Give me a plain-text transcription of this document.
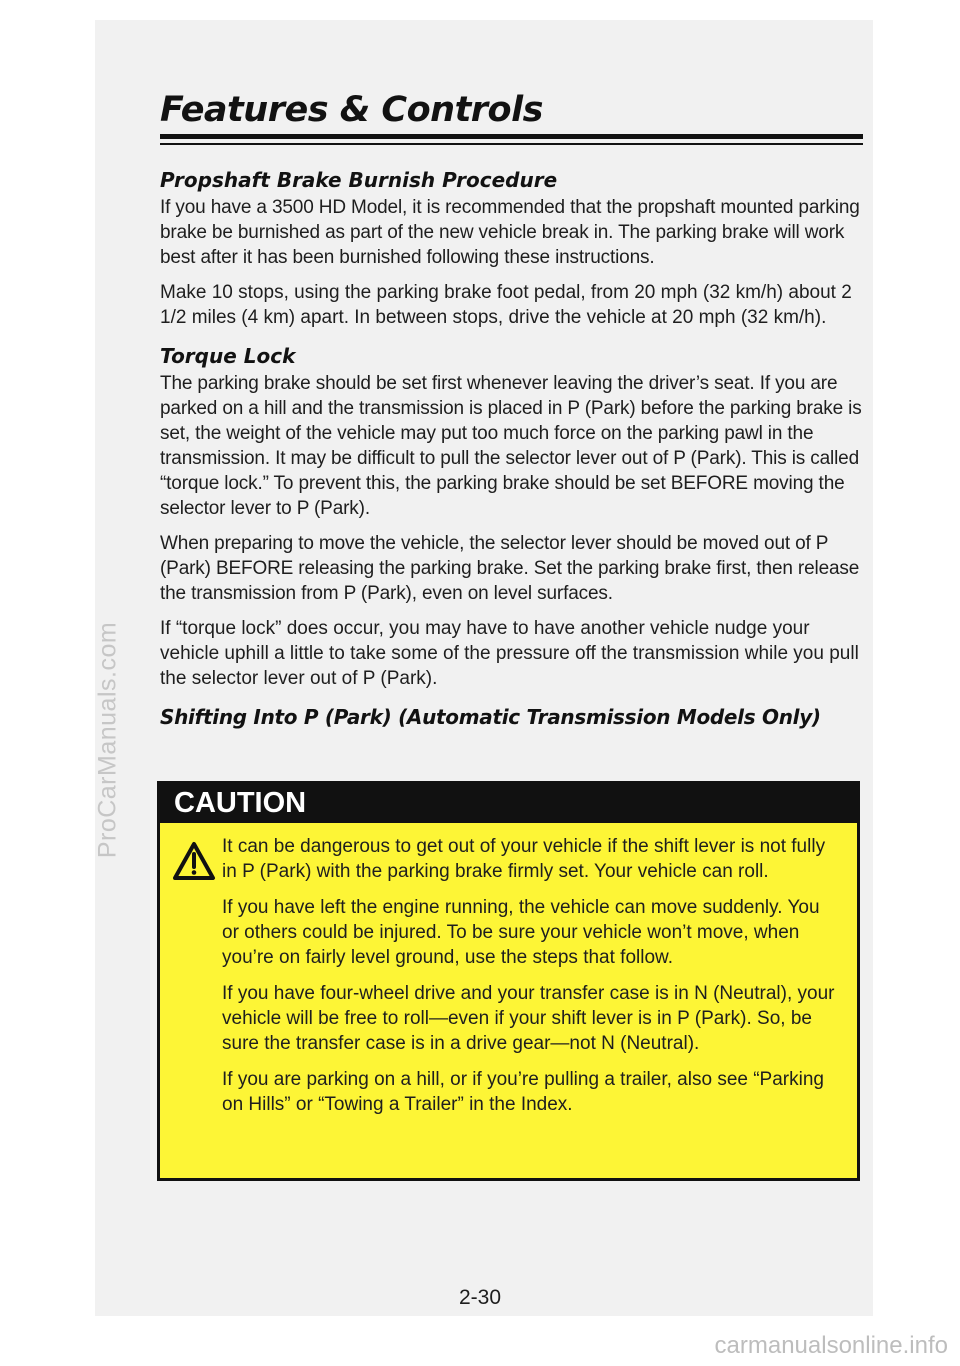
ProCarManuals.com
Features & Controls
Propshaft Brake Burnish Procedure

If you have a 3500 HD Model, it is recommended that the propshaft mounted parking brake be burnished as part of the new vehicle break in. The parking brake will work best after it has been burnished following these instructions.

Make 10 stops, using the parking brake foot pedal, from 20 mph (32 km/h) about 2 1/2 miles (4 km) apart. In between stops, drive the vehicle at 20 mph (32 km/h).

Torque Lock

The parking brake should be set first whenever leaving the driver’s seat. If you are parked on a hill and the transmission is placed in P (Park) before the parking brake is set, the weight of the vehicle may put too much force on the parking pawl in the transmission. It may be difficult to pull the selector lever out of P (Park). This is called “torque lock.” To prevent this, the parking brake should be set BEFORE moving the selector lever to P (Park).

When preparing to move the vehicle, the selector lever should be moved out of P (Park) BEFORE releasing the parking brake. Set the parking brake first, then release the transmission from P (Park), even on level surfaces.

If “torque lock” does occur, you may have to have another vehicle nudge your vehicle uphill a little to take some of the pressure off the transmission while you pull the selector lever out of P (Park).

Shifting Into P (Park) (Automatic Transmission Models Only)
CAUTION

It can be dangerous to get out of your vehicle if the shift lever is not fully in P (Park) with the parking brake firmly set. Your vehicle can roll.

If you have left the engine running, the vehicle can move suddenly. You or others could be injured. To be sure your vehicle won’t move, when you’re on fairly level ground, use the steps that follow.

If you have four-wheel drive and your transfer case is in N (Neutral), your vehicle will be free to roll—even if your shift lever is in P (Park). So, be sure the transfer case is in a drive gear—not N (Neutral).

If you are parking on a hill, or if you’re pulling a trailer, also see “Parking on Hills” or “Towing a Trailer” in the Index.

2-30
carmanualsonline.info
